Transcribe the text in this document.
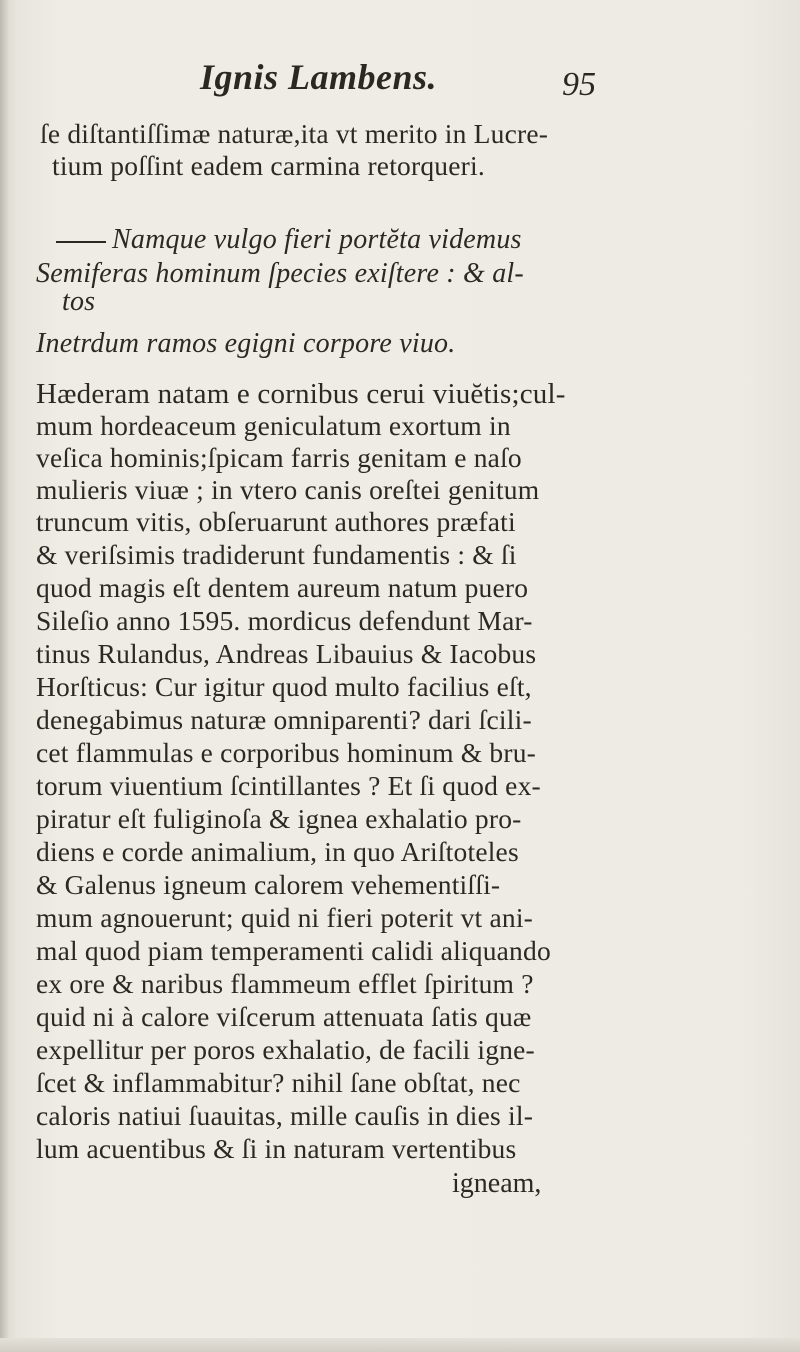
Ignis Lambens.	95
ſe diſtantiſſimæ naturæ,ita vt merito in Lucre-
tium poſſint eadem carmina retorqueri.
Namque vulgo fieri portĕta videmus
Semiferas hominum ſpecies exiſtere : & al-
tos
Inetrdum ramos egigni corpore viuo.
Hæderam natam e cornibus cerui viuĕtis;cul-
mum hordeaceum geniculatum exortum in
veſica hominis;ſpicam farris genitam e naſo
mulieris viuæ ; in vtero canis oreſtei genitum
truncum vitis, obſeruarunt authores præfati
& veriſsimis tradiderunt fundamentis : & ſi
quod magis eſt dentem aureum natum puero
Sileſio anno 1595. mordicus defendunt Mar-
tinus Rulandus, Andreas Libauius & Iacobus
Horſticus: Cur igitur quod multo facilius eſt,
denegabimus naturæ omniparenti? dari ſcili-
cet flammulas e corporibus hominum & bru-
torum viuentium ſcintillantes ? Et ſi quod ex-
piratur eſt fuliginoſa & ignea exhalatio pro-
diens e corde animalium, in quo Ariſtoteles
& Galenus igneum calorem vehementiſſi-
mum agnouerunt; quid ni fieri poterit vt ani-
mal quod piam temperamenti calidi aliquando
ex ore & naribus flammeum efflet ſpiritum ?
quid ni à calore viſcerum attenuata ſatis quæ
expellitur per poros exhalatio, de facili igne-
ſcet & inflammabitur? nihil ſane obſtat, nec
caloris natiui ſuauitas, mille cauſis in dies il-
lum acuentibus & ſi in naturam vertentibus
igneam,
